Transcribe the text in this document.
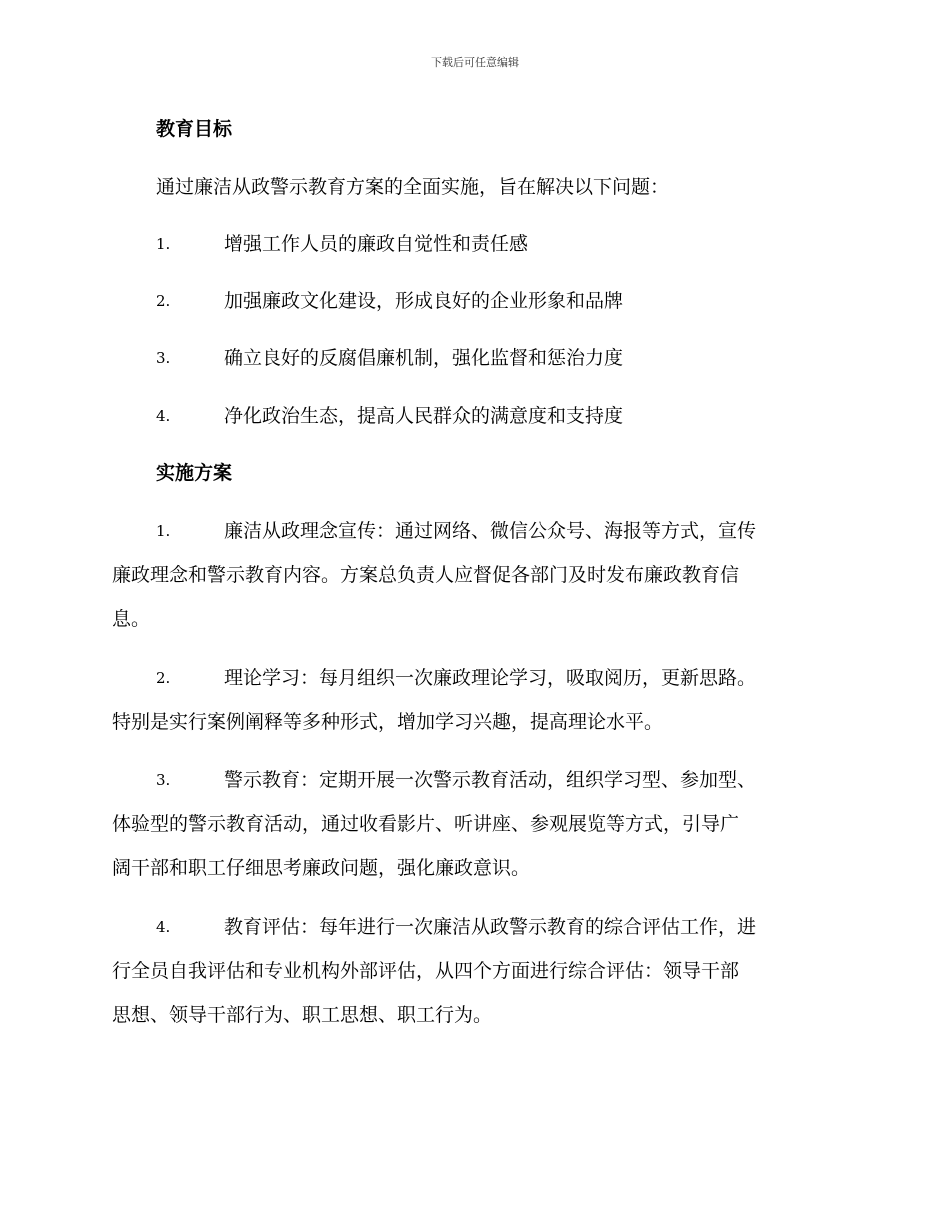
下载后可任意编辑
教育目标
通过廉洁从政警示教育方案的全面实施，旨在解决以下问题：
1.	增强工作人员的廉政自觉性和责任感
2.	加强廉政文化建设，形成良好的企业形象和品牌
3.	确立良好的反腐倡廉机制，强化监督和惩治力度
4.	净化政治生态，提高人民群众的满意度和支持度
实施方案
1.	廉洁从政理念宣传：通过网络、微信公众号、海报等方式，宣传
廉政理念和警示教育内容。方案总负责人应督促各部门及时发布廉政教育信
息。
2.	理论学习：每月组织一次廉政理论学习，吸取阅历，更新思路。
特别是实行案例阐释等多种形式，增加学习兴趣，提高理论水平。
3.	警示教育：定期开展一次警示教育活动，组织学习型、参加型、
体验型的警示教育活动，通过收看影片、听讲座、参观展览等方式，引导广
阔干部和职工仔细思考廉政问题，强化廉政意识。
4.	教育评估：每年进行一次廉洁从政警示教育的综合评估工作，进
行全员自我评估和专业机构外部评估，从四个方面进行综合评估：领导干部
思想、领导干部行为、职工思想、职工行为。
